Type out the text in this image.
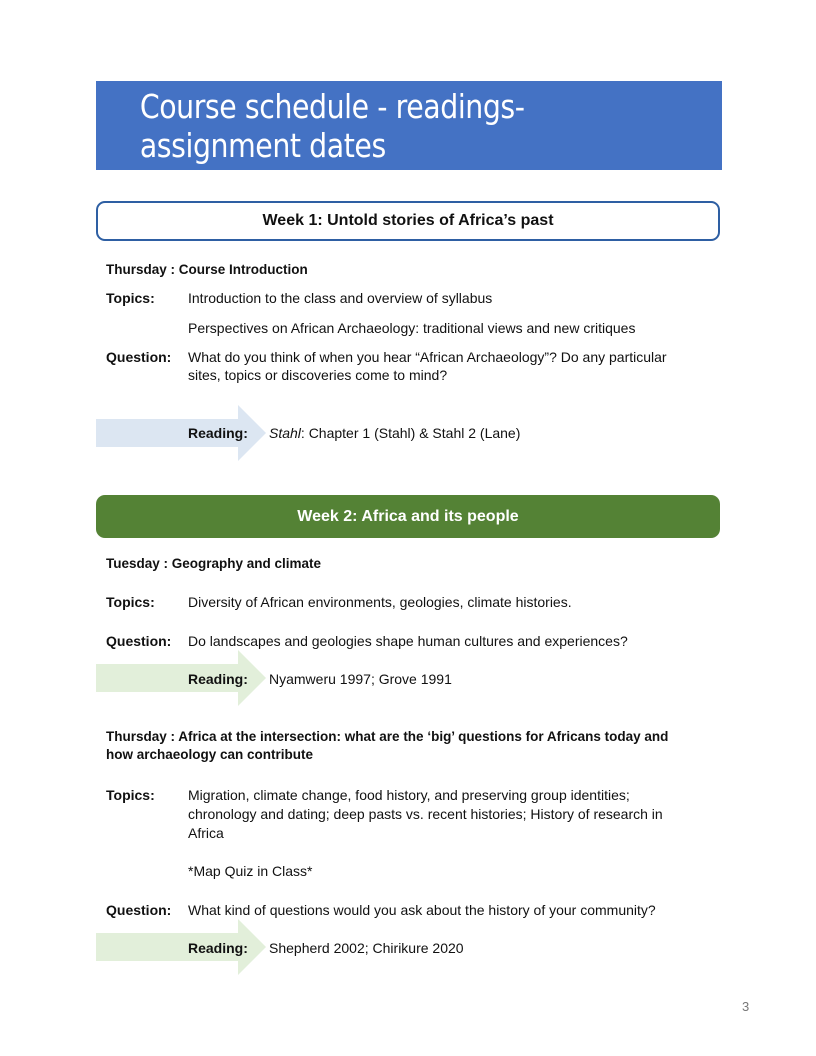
Course schedule - readings- assignment dates
Week 1: Untold stories of Africa’s past
Thursday : Course Introduction
Topics: Introduction to the class and overview of syllabus
Perspectives on African Archaeology: traditional views and new critiques
Question: What do you think of when you hear “African Archaeology”? Do any particular
sites, topics or discoveries come to mind?
Reading: Stahl: Chapter 1 (Stahl) & Stahl 2 (Lane)
Week 2: Africa and its people
Tuesday : Geography and climate
Topics: Diversity of African environments, geologies, climate histories.
Question: Do landscapes and geologies shape human cultures and experiences?
Reading: Nyamweru 1997; Grove 1991
Thursday : Africa at the intersection: what are the ‘big’ questions for Africans today and
how archaeology can contribute
Topics: Migration, climate change, food history, and preserving group identities;
chronology and dating; deep pasts vs. recent histories; History of research in
Africa
*Map Quiz in Class*
Question: What kind of questions would you ask about the history of your community?
Reading: Shepherd 2002; Chirikure 2020
3
